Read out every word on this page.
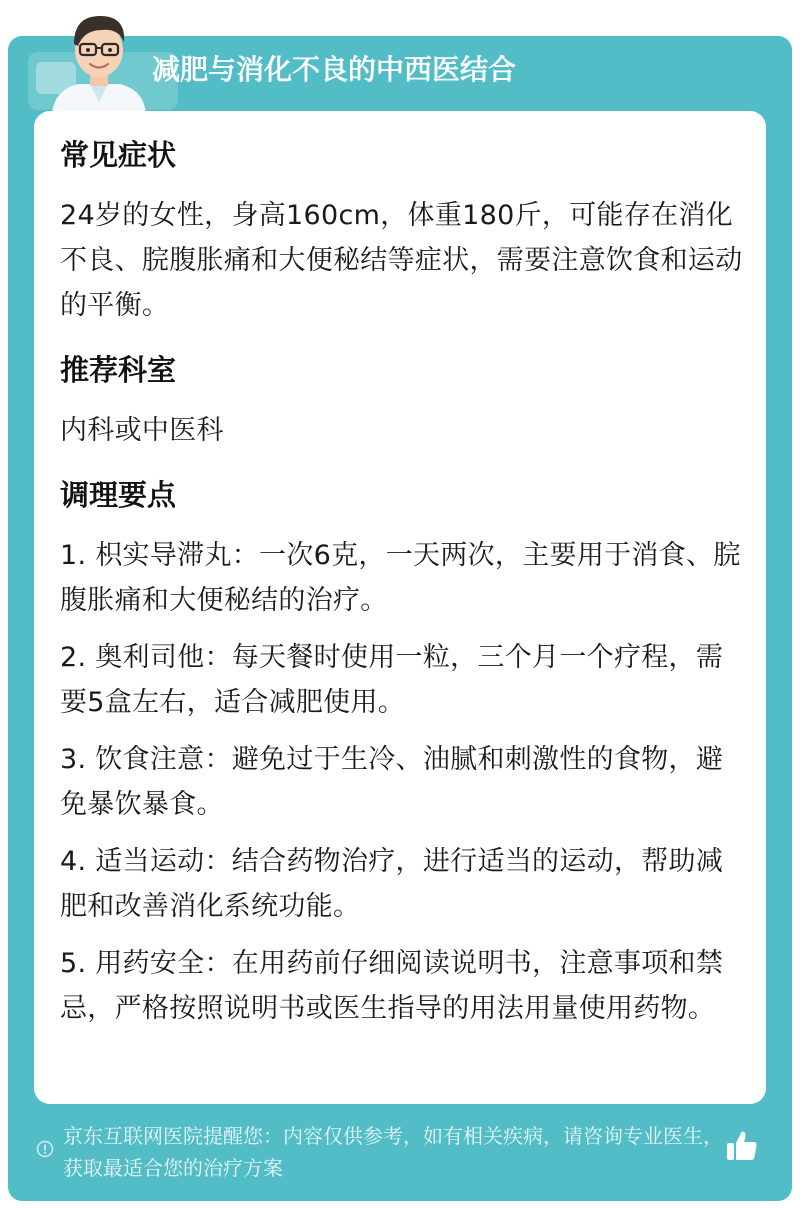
减肥与消化不良的中西医结合
常见症状

24岁的女性，身高160cm，体重180斤，可能存在消化不良、脘腹胀痛和大便秘结等症状，需要注意饮食和运动的平衡。

推荐科室

内科或中医科

调理要点

1. 枳实导滞丸：一次6克，一天两次，主要用于消食、脘腹胀痛和大便秘结的治疗。

2. 奥利司他：每天餐时使用一粒，三个月一个疗程，需要5盒左右，适合减肥使用。

3. 饮食注意：避免过于生冷、油腻和刺激性的食物，避免暴饮暴食。

4. 适当运动：结合药物治疗，进行适当的运动，帮助减肥和改善消化系统功能。

5. 用药安全：在用药前仔细阅读说明书，注意事项和禁忌，严格按照说明书或医生指导的用法用量使用药物。

京东互联网医院提醒您：内容仅供参考，如有相关疾病，请咨询专业医生，获取最适合您的治疗方案
